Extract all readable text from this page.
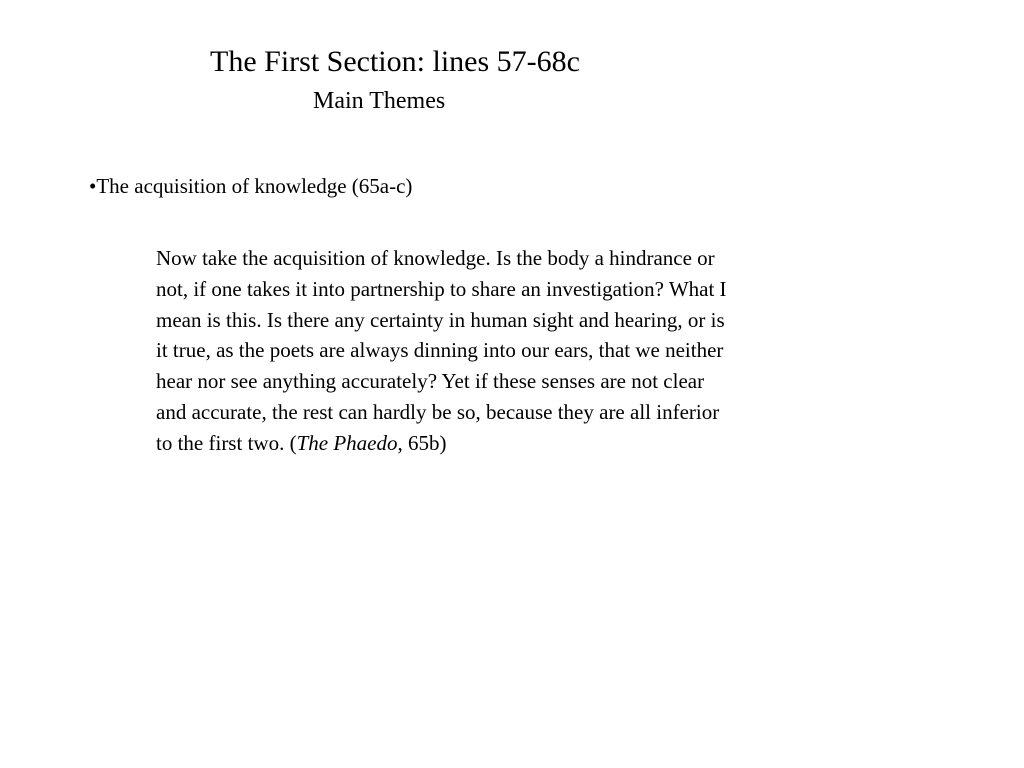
The First Section: lines 57-68c
Main Themes
•The acquisition of knowledge (65a-c)
Now take the acquisition of knowledge. Is the body a hindrance or
not, if one takes it into partnership to share an investigation? What I
mean is this. Is there any certainty in human sight and hearing, or is
it true, as the poets are always dinning into our ears, that we neither
hear nor see anything accurately? Yet if these senses are not clear
and accurate, the rest can hardly be so, because they are all inferior
to the first two. (The Phaedo, 65b)
